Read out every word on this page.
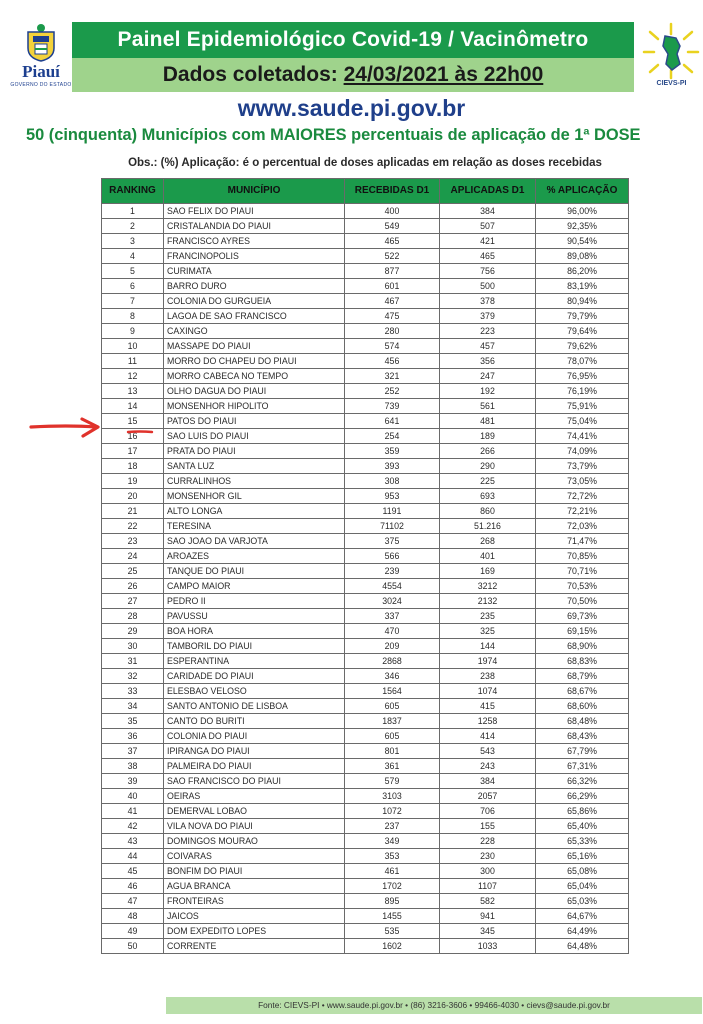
Piauí
GOVERNO DO ESTADO
Painel Epidemiológico Covid-19 / Vacinômetro
Dados coletados: 24/03/2021 às 22h00	CIEVS-PI
www.saude.pi.gov.br
50 (cinquenta) Municípios com MAIORES percentuais de aplicação de 1ª DOSE
Obs.: (%) Aplicação: é o percentual de doses aplicadas em relação as doses recebidas
RANKING	MUNICÍPIO	RECEBIDAS D1	APLICADAS D1	% APLICAÇÃO
1	SAO FELIX DO PIAUI	400	384	96,00%
2	CRISTALANDIA DO PIAUI	549	507	92,35%
3	FRANCISCO AYRES	465	421	90,54%
4	FRANCINOPOLIS	522	465	89,08%
5	CURIMATA	877	756	86,20%
6	BARRO DURO	601	500	83,19%
7	COLONIA DO GURGUEIA	467	378	80,94%
8	LAGOA DE SAO FRANCISCO	475	379	79,79%
9	CAXINGO	280	223	79,64%
10	MASSAPE DO PIAUI	574	457	79,62%
11	MORRO DO CHAPEU DO PIAUI	456	356	78,07%
12	MORRO CABECA NO TEMPO	321	247	76,95%
13	OLHO DAGUA DO PIAUI	252	192	76,19%
14	MONSENHOR HIPOLITO	739	561	75,91%
15	PATOS DO PIAUI	641	481	75,04%
16	SAO LUIS DO PIAUI	254	189	74,41%
17	PRATA DO PIAUI	359	266	74,09%
18	SANTA LUZ	393	290	73,79%
19	CURRALINHOS	308	225	73,05%
20	MONSENHOR GIL	953	693	72,72%
21	ALTO LONGA	1191	860	72,21%
22	TERESINA	71102	51.216	72,03%
23	SAO JOAO DA VARJOTA	375	268	71,47%
24	AROAZES	566	401	70,85%
25	TANQUE DO PIAUI	239	169	70,71%
26	CAMPO MAIOR	4554	3212	70,53%
27	PEDRO II	3024	2132	70,50%
28	PAVUSSU	337	235	69,73%
29	BOA HORA	470	325	69,15%
30	TAMBORIL DO PIAUI	209	144	68,90%
31	ESPERANTINA	2868	1974	68,83%
32	CARIDADE DO PIAUI	346	238	68,79%
33	ELESBAO VELOSO	1564	1074	68,67%
34	SANTO ANTONIO DE LISBOA	605	415	68,60%
35	CANTO DO BURITI	1837	1258	68,48%
36	COLONIA DO PIAUI	605	414	68,43%
37	IPIRANGA DO PIAUI	801	543	67,79%
38	PALMEIRA DO PIAUI	361	243	67,31%
39	SAO FRANCISCO DO PIAUI	579	384	66,32%
40	OEIRAS	3103	2057	66,29%
41	DEMERVAL LOBAO	1072	706	65,86%
42	VILA NOVA DO PIAUI	237	155	65,40%
43	DOMINGOS MOURAO	349	228	65,33%
44	COIVARAS	353	230	65,16%
45	BONFIM DO PIAUI	461	300	65,08%
46	AGUA BRANCA	1702	1107	65,04%
47	FRONTEIRAS	895	582	65,03%
48	JAICOS	1455	941	64,67%
49	DOM EXPEDITO LOPES	535	345	64,49%
50	CORRENTE	1602	1033	64,48%
Fonte: CIEVS-PI • www.saude.pi.gov.br • (86) 3216-3606 • 99466-4030 • cievs@saude.pi.gov.br
